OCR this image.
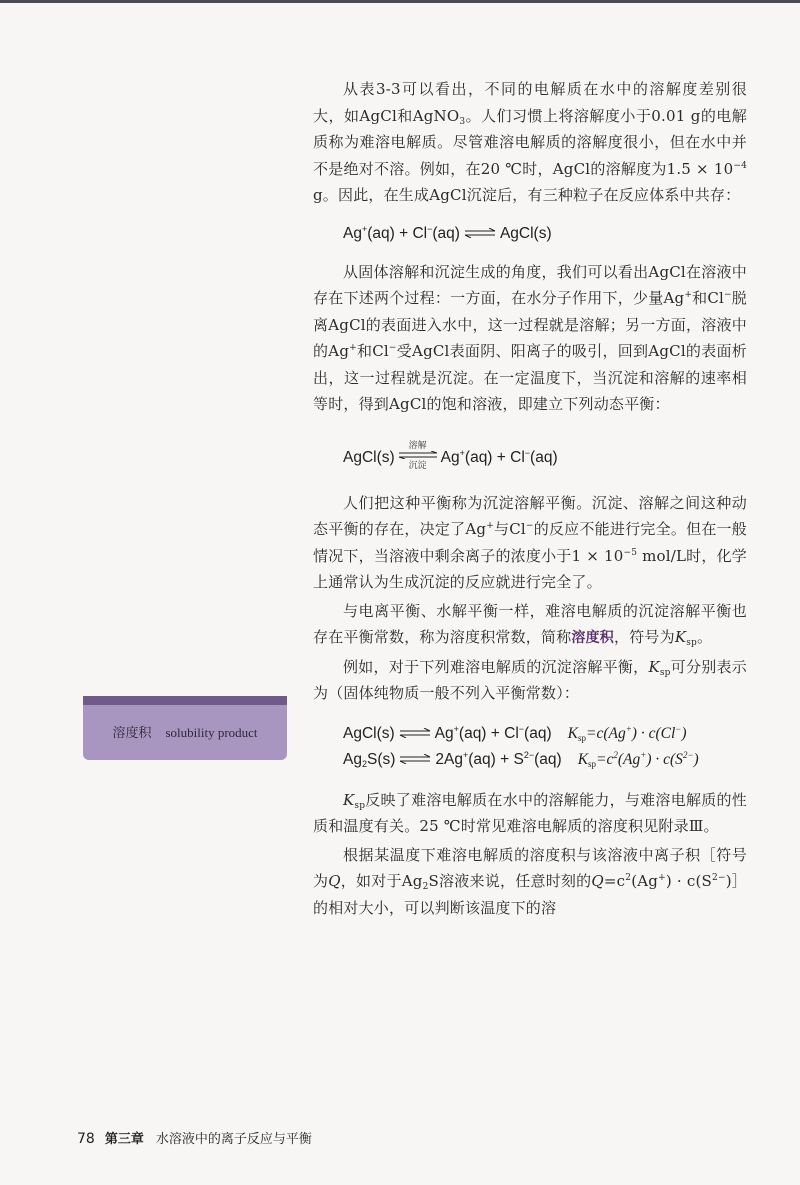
溶度积 solubility product

从表3-3可以看出，不同的电解质在水中的溶解度差别很大，如AgCl和AgNO$_3$。人们习惯上将溶解度小于0.01 g的电解质称为难溶电解质。尽管难溶电解质的溶解度很小，但在水中并不是绝对不溶。例如，在20 ℃时，AgCl的溶解度为$1.5 \times 10^{-4}$ g。因此，在生成AgCl沉淀后，有三种粒子在反应体系中共存：

Ag+(aq) + Cl−(aq) ⇌ AgCl(s)

从固体溶解和沉淀生成的角度，我们可以看出AgCl在溶液中存在下述两个过程：一方面，在水分子作用下，少量Ag+和Cl−脱离AgCl的表面进入水中，这一过程就是溶解；另一方面，溶液中的Ag+和Cl−受AgCl表面阴、阳离子的吸引，回到AgCl的表面析出，这一过程就是沉淀。在一定温度下，当沉淀和溶解的速率相等时，得到AgCl的饱和溶液，即建立下列动态平衡：

AgCl(s)
溶解
沉淀 Ag+(aq) + Cl−(aq)

人们把这种平衡称为沉淀溶解平衡。沉淀、溶解之间这种动态平衡的存在，决定了Ag+与Cl−的反应不能进行完全。但在一般情况下，当溶液中剩余离子的浓度小于$1 \times 10^{-5}$ mol/L时，化学上通常认为生成沉淀的反应就进行完全了。

与电离平衡、水解平衡一样，难溶电解质的沉淀溶解平衡也存在平衡常数，称为溶度积常数，简称溶度积，符号为$K_{sp}$。

例如，对于下列难溶电解质的沉淀溶解平衡，$K_{sp}$可分别表示为（固体纯物质一般不列入平衡常数）：

AgCl(s) ⇌ Ag+(aq) + Cl−(aq) $K_{sp}=c(Ag^+) \cdot c(Cl^-)$
$Ag_2S(s)$ ⇌ $2Ag^+(aq) + S^{2-}(aq) K_{sp}=c^2(Ag^+) \cdot c(S^{2-})$

$K_{sp}$反映了难溶电解质在水中的溶解能力，与难溶电解质的性质和温度有关。25 ℃时常见难溶电解质的溶度积见附录Ⅲ。

根据某温度下难溶电解质的溶度积与该溶液中离子积［符号为Q，如对于$Ag_2S$溶液来说，任意时刻的$Q=c^2(Ag^+)$ · $c(S^{2-})]$的相对大小，可以判断该温度下的溶

78 第三章 水溶液中的离子反应与平衡
